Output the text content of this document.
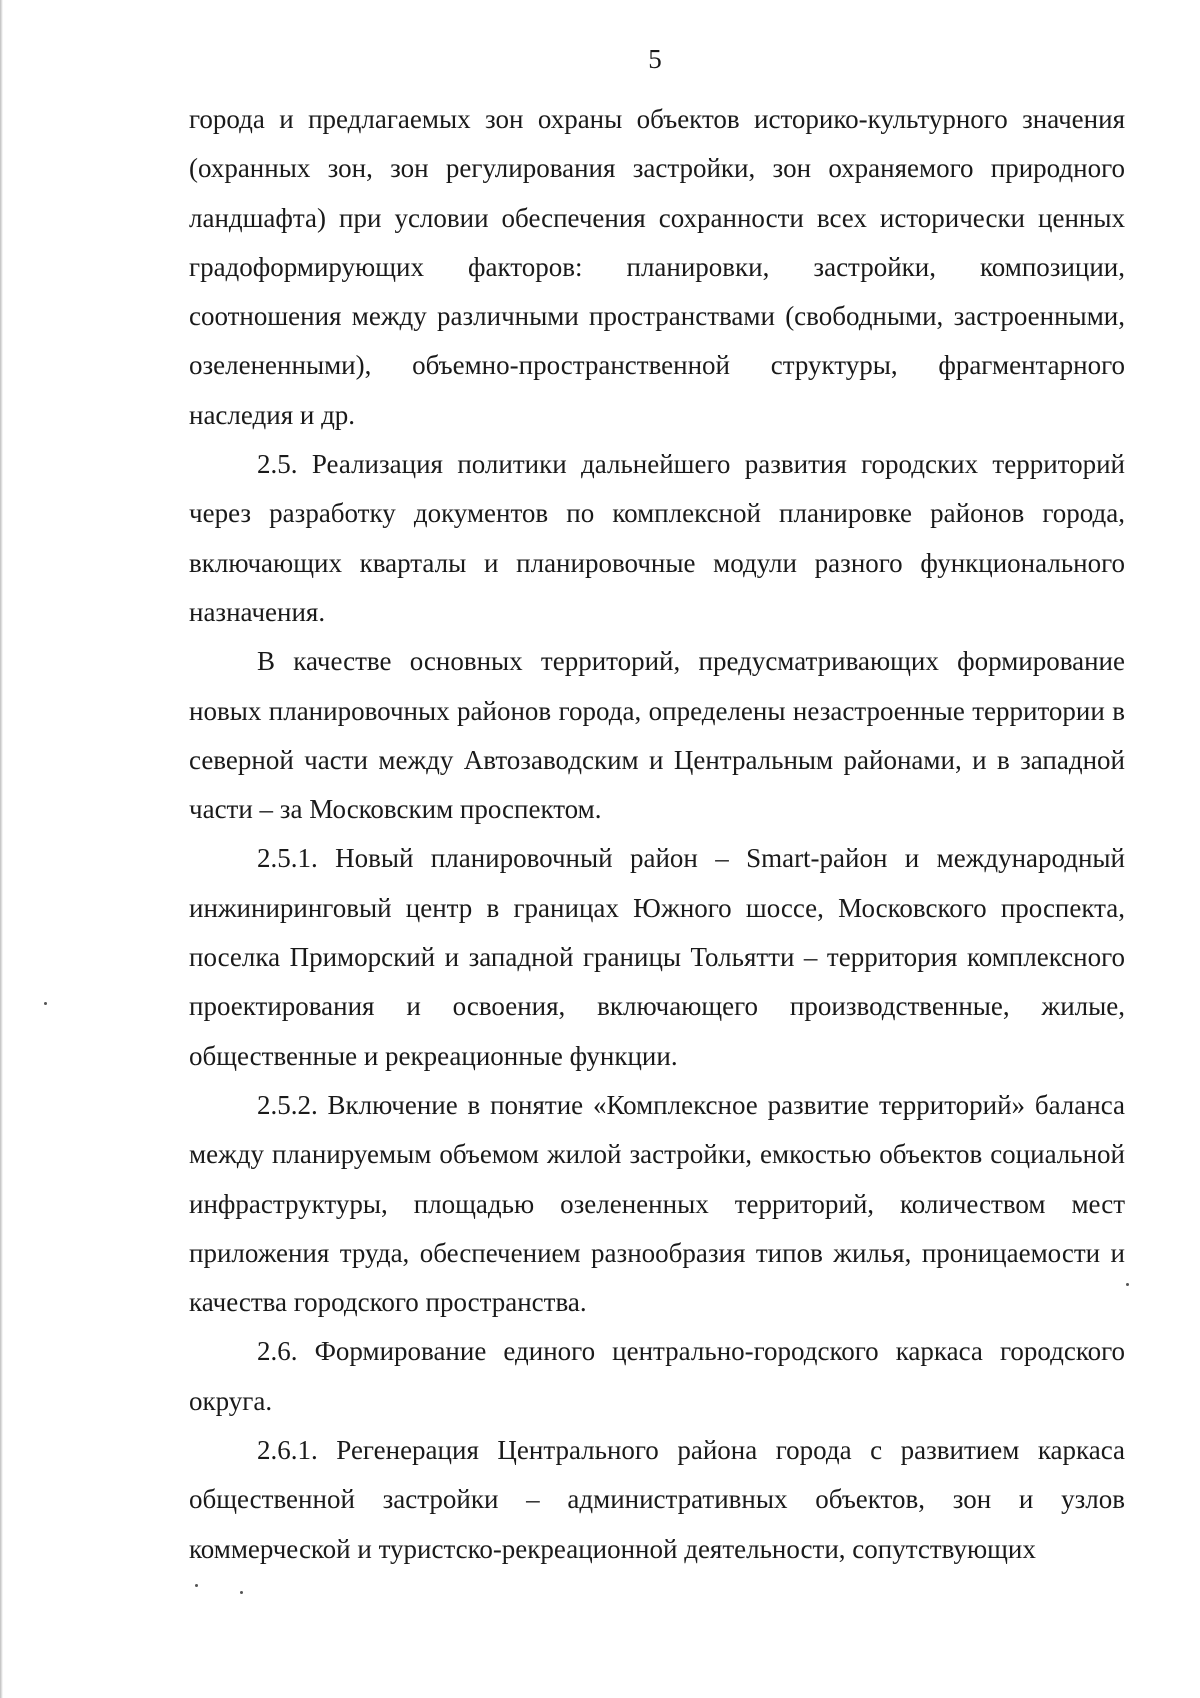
5

города и предлагаемых зон охраны объектов историко-культурного значения (охранных зон, зон регулирования застройки, зон охраняемого природного ландшафта) при условии обеспечения сохранности всех исторически ценных градоформирующих факторов: планировки, застройки, композиции, соотношения между различными пространствами (свободными, застроенными, озелененными), объемно-пространственной структуры, фрагментарного наследия и др.

2.5. Реализация политики дальнейшего развития городских территорий через разработку документов по комплексной планировке районов города, включающих кварталы и планировочные модули разного функционального назначения.

В качестве основных территорий, предусматривающих формирование новых планировочных районов города, определены незастроенные территории в северной части между Автозаводским и Центральным районами, и в западной части – за Московским проспектом.

2.5.1. Новый планировочный район – Smart-район и международный инжиниринговый центр в границах Южного шоссе, Московского проспекта, поселка Приморский и западной границы Тольятти – территория комплексного проектирования и освоения, включающего производственные, жилые, общественные и рекреационные функции.

2.5.2. Включение в понятие «Комплексное развитие территорий» баланса между планируемым объемом жилой застройки, емкостью объектов социальной инфраструктуры, площадью озелененных территорий, количеством мест приложения труда, обеспечением разнообразия типов жилья, проницаемости и качества городского пространства.

2.6. Формирование единого центрально-городского каркаса городского округа.

2.6.1. Регенерация Центрального района города с развитием каркаса общественной застройки – административных объектов, зон и узлов коммерческой и туристско-рекреационной деятельности, сопутствующих
